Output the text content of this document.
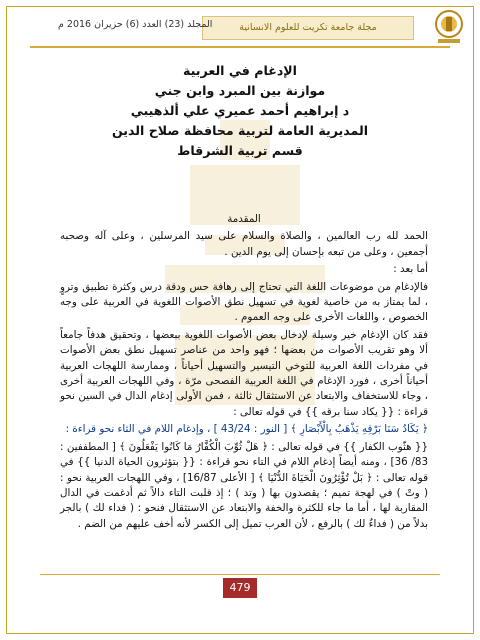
مجلة جامعة تكريت للعلوم الانسانية
المجلد (23) العدد (6) حزيران 2016 م
الإدغام في العربية
موازنة بين المبرد وابن جني
د إبراهيم أحمد عميري علي ألذهيبي
المديرية العامة لتربية محافظة صلاح الدين
قسم تربية الشرقاط

المقدمة

الحمد لله رب العالمين ، والصلاة والسلام على سيد المرسلين ، وعلى آله وصحبه أجمعين ، وعلى من تبعه بإحسان إلى يوم الدين .

أما بعد :

فالإدغام من موضوعات اللغة التي تحتاج إلى رهافة حس ودقة درس وكثرة تطبيق وتروٍ ، لما يمتاز به من خاصية لغوية في تسهيل نطق الأصوات اللغوية في العربية على وجه الخصوص ، واللغات الأخرى على وجه العموم .

فقد كان الإدغام خير وسيلة لإدخال بعض الأصوات اللغوية ببعضها ، وتحقيق هدفاً جامعاً ألا وهو تقريب الأصوات من بعضها ؛ فهو واحد من عناصر تسهيل نطق بعض الأصوات في مفردات اللغة العربية للتوخي التيسير والتسهيل أحياناً ، وممارسة اللهجات العربية أحياناً أخرى ، فورد الإدغام في اللغة العربية الفصحى مرّة ، وفي اللهجات العربية أخرى ، وجاء للاستخفاف والابتعاد عن الاستثقال ثالثة ، فمن الأولى إدغام الدال في السين نحو قراءة : {{ يكاد سنا برقه }} في قوله تعالى :

﴿ يَكَادُ سَنَا بَرْقِهِ يَذْهَبُ بِالْأَبْصَارِ ﴾ [ النور : 43/24 ] ، وإدغام اللام في الثاء نحو قراءة :

{{ هثّوب الكفار }} في قوله تعالى : ﴿ هَلْ ثُوِّبَ الْكُفَّارُ مَا كَانُوا يَفْعَلُونَ ﴾ [ المطففين : 83/ 36] ، ومنه أيضاً إدغام اللام في التاء نحو قراءة : {{ بتؤثرون الحياة الدنيا }} في قوله تعالى : ﴿ بَلْ تُؤْثِرُونَ الْحَيَاةَ الدُّنْيَا ﴾ [ الأعلى 16/87] ، وفي اللهجات العربية نحو : ( وتْ ) في لهجة تميم ؛ يقصدون بها ( وتد ) ؛ إذ قلبت التاء دالاً ثم أدغمت في الدال المقاربة لها ، أما ما جاء للكثرة والخفة والابتعاد عن الاستثقال فنحو : ( فداء لك ) بالجر بدلاً من ( فداءٌ لك ) بالرفع ، لأن العرب تميل إلى الكسر لأنه أخف عليهم من الضم .

479
